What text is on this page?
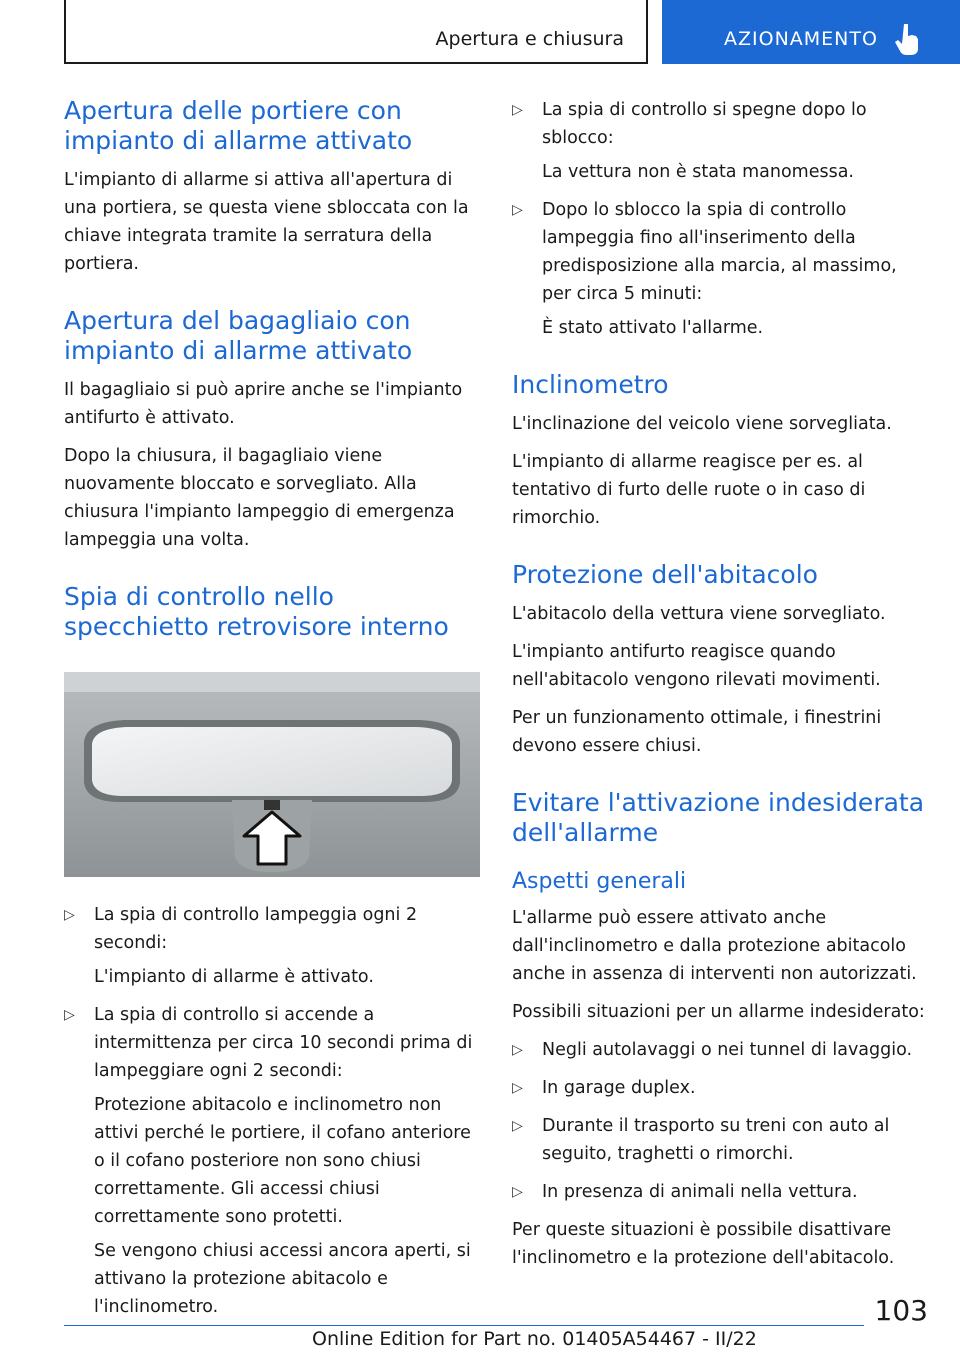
Apertura e chiusura	AZIONAMENTO
Apertura delle portiere con impianto di allarme attivato

L'impianto di allarme si attiva all'apertura di una portiera, se questa viene sbloccata con la chiave integrata tramite la serratura della portiera.

Apertura del bagagliaio con impianto di allarme attivato

Il bagagliaio si può aprire anche se l'impianto antifurto è attivato.

Dopo la chiusura, il bagagliaio viene nuovamente bloccato e sorvegliato. Alla chiusura l'impianto lampeggio di emergenza lampeggia una volta.

Spia di controllo nello specchietto retrovisore interno
▷ La spia di controllo lampeggia ogni 2 secondi:
L'impianto di allarme è attivato.
▷ La spia di controllo si accende a intermittenza per circa 10 secondi prima di lampeggiare ogni 2 secondi:
Protezione abitacolo e inclinometro non attivi perché le portiere, il cofano anteriore o il cofano posteriore non sono chiusi correttamente. Gli accessi chiusi correttamente sono protetti.
Se vengono chiusi accessi ancora aperti, si attivano la protezione abitacolo e l'inclinometro.
▷ La spia di controllo si spegne dopo lo sblocco:
La vettura non è stata manomessa.
▷ Dopo lo sblocco la spia di controllo lampeggia fino all'inserimento della predisposizione alla marcia, al massimo, per circa 5 minuti:
È stato attivato l'allarme.
Inclinometro

L'inclinazione del veicolo viene sorvegliata.

L'impianto di allarme reagisce per es. al tentativo di furto delle ruote o in caso di rimorchio.

Protezione dell'abitacolo

L'abitacolo della vettura viene sorvegliato.

L'impianto antifurto reagisce quando nell'abitacolo vengono rilevati movimenti.

Per un funzionamento ottimale, i finestrini devono essere chiusi.

Evitare l'attivazione indesiderata dell'allarme
Aspetti generali

L'allarme può essere attivato anche dall'inclinometro e dalla protezione abitacolo anche in assenza di interventi non autorizzati.

Possibili situazioni per un allarme indesiderato:

▷ Negli autolavaggi o nei tunnel di lavaggio.
▷ In garage duplex.
▷ Durante il trasporto su treni con auto al seguito, traghetti o rimorchi.
▷ In presenza di animali nella vettura.

Per queste situazioni è possibile disattivare l'inclinometro e la protezione dell'abitacolo.

103
Online Edition for Part no. 01405A54467 - II/22
